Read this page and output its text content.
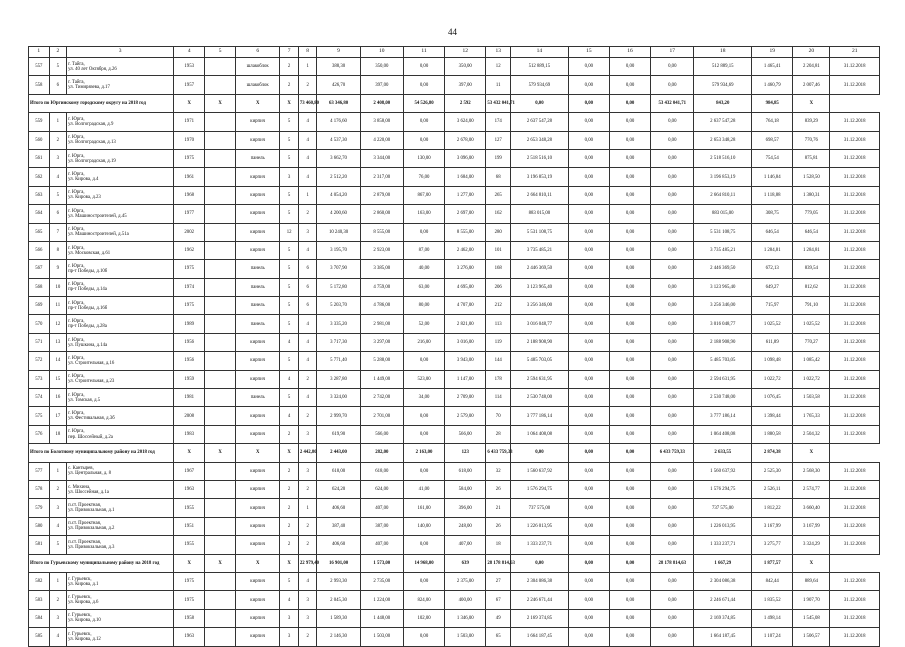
44
1	2	3	4	5	6	7	8	9	10	11	12	13	14	15	16	17	18	19	20	21
557	5	г. Тайга,
ул. 40 лет Октября, д.26	1953		шлакоблок	2	1	388,30	350,00	0,00	350,00	12	512 889,15	0,00	0,00	0,00	512 889,15	1 465,41	2 204,81	31.12.2018
558	6	г. Тайга,
ул. Тимирязева, д.17	1957		шлакоблок	2	2	426,70	397,00	0,00	397,00	11	579 934,69	0,00	0,00	0,00	579 934,69	1 460,79	2 007,46	31.12.2018
Итого по Юргинскому городскому округу на 2018 год			X	X	X	X	73 460,80	63 346,80	2 408,00	54 526,80	2 592	53 432 041,71	0,00	0,00	0,00	53 432 041,71	843,20	984,85	X	
559	1	г. Юрга,
ул. Волгоградская, д.9	1971		кирпич	5	4	4 176,60	3 858,00	0,00	3 624,00	174	2 637 547,28	0,00	0,00	0,00	2 637 547,28	764,18	839,29	31.12.2018
560	2	г. Юрга,
ул. Волгоградская, д.13	1970		кирпич	5	4	4 537,30	4 220,00	0,00	2 678,00	127	2 653 348,28	0,00	0,00	0,00	2 653 348,28	698,57	770,76	31.12.2018
561	3	г. Юрга,
ул. Волгоградская, д.19	1975		панель	5	4	3 662,70	3 344,00	130,00	3 096,00	199	2 518 516,10	0,00	0,00	0,00	2 518 516,10	754,54	875,81	31.12.2018
562	4	г. Юрга,
ул. Кирова, д.4	1961		кирпич	3	4	2 512,20	2 317,00	76,00	1 684,00	68	3 196 853,19	0,00	0,00	0,00	3 196 853,19	1 146,84	1 528,50	31.12.2018
563	5	г. Юрга,
ул. Кирова, д.23	1968		кирпич	5	1	4 054,20	2 879,00	867,00	1 277,00	265	2 664 810,11	0,00	0,00	0,00	2 664 810,11	1 118,88	1 380,31	31.12.2018
564	6	г. Юрга,
ул. Машиностроителей, д.45	1977		кирпич	5	2	4 200,60	2 860,00	163,00	2 697,00	162	883 015,00	0,00	0,00	0,00	883 015,00	308,75	779,05	31.12.2018
565	7	г. Юрга,
ул. Машиностроителей, д.51а	2002		кирпич	12	3	10 240,30	8 555,00	0,00	8 555,00	280	5 531 108,75	0,00	0,00	0,00	5 531 108,75	646,54	646,54	31.12.2018
566	8	г. Юрга,
ул. Московская, д.61	1962		кирпич	5	4	3 195,70	2 923,00	87,00	2 462,00	101	3 735 485,21	0,00	0,00	0,00	3 735 485,21	1 284,81	1 284,81	31.12.2018
567	9	г. Юрга,
пр-т Победы, д.10б	1975		панель	5	6	3 707,90	3 385,00	40,00	3 276,00	168	2 446 369,50	0,00	0,00	0,00	2 446 369,50	672,13	839,54	31.12.2018
568	10	г. Юрга,
пр-т Победы, д.14а	1974		панель	5	6	5 172,80	4 759,00	63,00	4 695,00	206	3 123 965,40	0,00	0,00	0,00	3 123 965,40	649,27	812,62	31.12.2018
569	11	г. Юрга,
пр-т Победы, д.16б	1975		панель	5	6	5 203,70	4 786,00	80,00	4 707,00	212	3 256 346,00	0,00	0,00	0,00	3 256 346,00	715,97	791,10	31.12.2018
570	12	г. Юрга,
пр-т Победы, д.28а	1989		панель	5	4	3 335,20	2 981,00	52,00	2 821,00	113	3 016 048,77	0,00	0,00	0,00	3 016 048,77	1 025,52	1 025,52	31.12.2018
571	13	г. Юрга,
ул. Пушкина, д.14а	1956		кирпич	4	4	3 717,30	3 297,00	216,00	3 016,00	119	2 188 908,90	0,00	0,00	0,00	2 188 908,90	611,89	770,27	31.12.2018
572	14	г. Юрга,
ул. Строительная, д.16	1956		кирпич	5	4	5 771,40	5 288,00	0,00	3 943,00	144	5 485 703,05	0,00	0,00	0,00	5 485 703,05	1 098,48	1 085,42	31.12.2018
573	15	г. Юрга,
ул. Строительная, д.23	1959		кирпич	4	2	3 287,80	1 449,00	523,00	1 147,00	178	2 594 631,95	0,00	0,00	0,00	2 594 631,95	1 022,72	1 022,72	31.12.2018
574	16	г. Юрга,
ул. Томская, д.5	1981		панель	5	4	3 324,00	2 742,00	34,00	2 709,00	114	2 530 748,00	0,00	0,00	0,00	2 530 748,00	1 076,45	1 503,58	31.12.2018
575	17	г. Юрга,
ул. Фестивальная, д.3б	2008		кирпич	4	2	2 999,70	2 701,00	0,00	2 579,00	70	3 777 186,14	0,00	0,00	0,00	3 777 186,14	1 398,44	1 765,33	31.12.2018
576	18	г. Юрга,
пер. Шоссейный, д.2а	1983		кирпич	2	3	619,90	566,00	0,00	566,00	28	1 064 408,08	0,00	0,00	0,00	1 064 408,08	1 880,58	2 504,32	31.12.2018
Итого по Болотному муниципальному району на 2018 год			X	X	X	X	2 442,80	2 443,00	282,00	2 163,00	123	6 433 759,33	0,00	0,00	0,00	6 433 759,33	2 633,55	2 874,38	X	
577	1	с. Кантырев,
ул. Центральная, д. 8	1967		кирпич	2	3	618,00	618,00	0,00	618,00	32	1 560 637,92	0,00	0,00	0,00	1 560 637,92	2 525,30	2 568,30	31.12.2018
578	2	с. Михина,
ул. Шоссейная, д.1а	1963		кирпич	2	2	624,20	624,00	41,00	584,00	26	1 576 294,75	0,00	0,00	0,00	1 576 294,75	2 526,11	2 574,77	31.12.2018
579	3	п.ст. Проектная,
ул. Привокзальная, д.1	1955		кирпич	2	1	406,60	407,00	161,00	396,00	21	737 575,00	0,00	0,00	0,00	737 575,00	1 812,22	3 660,40	31.12.2018
580	4	п.ст. Проектная,
ул. Привокзальная, д.2	1951		кирпич	2	2	387,40	387,00	140,00	248,00	26	1 226 013,95	0,00	0,00	0,00	1 226 013,95	3 167,99	3 167,99	31.12.2018
581	5	п.ст. Проектная,
ул. Привокзальная, д.3	1955		кирпич	2	2	406,60	407,00	0,00	407,00	18	1 333 237,71	0,00	0,00	0,00	1 333 237,71	3 275,77	3 324,29	31.12.2018
Итого по Гурьевскому муниципальному району на 2018 год			X	X	X	X	22 979,40	16 901,00	1 573,00	14 968,00	639	28 178 814,63	0,00	0,00	0,00	28 178 814,63	1 667,29	1 877,57	X	
582	1	г. Гурьевск,
ул. Кирова, д.1	1975		кирпич	5	4	2 993,30	2 735,00	0,00	2 375,00	27	2 304 086,38	0,00	0,00	0,00	2 304 086,38	842,44	889,64	31.12.2018
583	2	г. Гурьевск,
ул. Кирова, д.6	1975		кирпич	4	3	2 045,30	1 224,00	824,00	400,00	67	2 246 671,44	0,00	0,00	0,00	2 246 671,44	1 835,52	1 907,70	31.12.2018
584	3	г. Гурьевск,
ул. Кирова, д.10	1958		кирпич	3	3	1 589,30	1 448,00	102,00	1 346,00	49	2 169 374,85	0,00	0,00	0,00	2 169 374,85	1 498,14	1 545,08	31.12.2018
585	4	г. Гурьевск,
ул. Кирова, д.12	1963		кирпич	3	2	2 146,30	1 503,00	0,00	1 503,00	65	1 664 187,45	0,00	0,00	0,00	1 664 187,45	1 107,24	1 506,57	31.12.2018
